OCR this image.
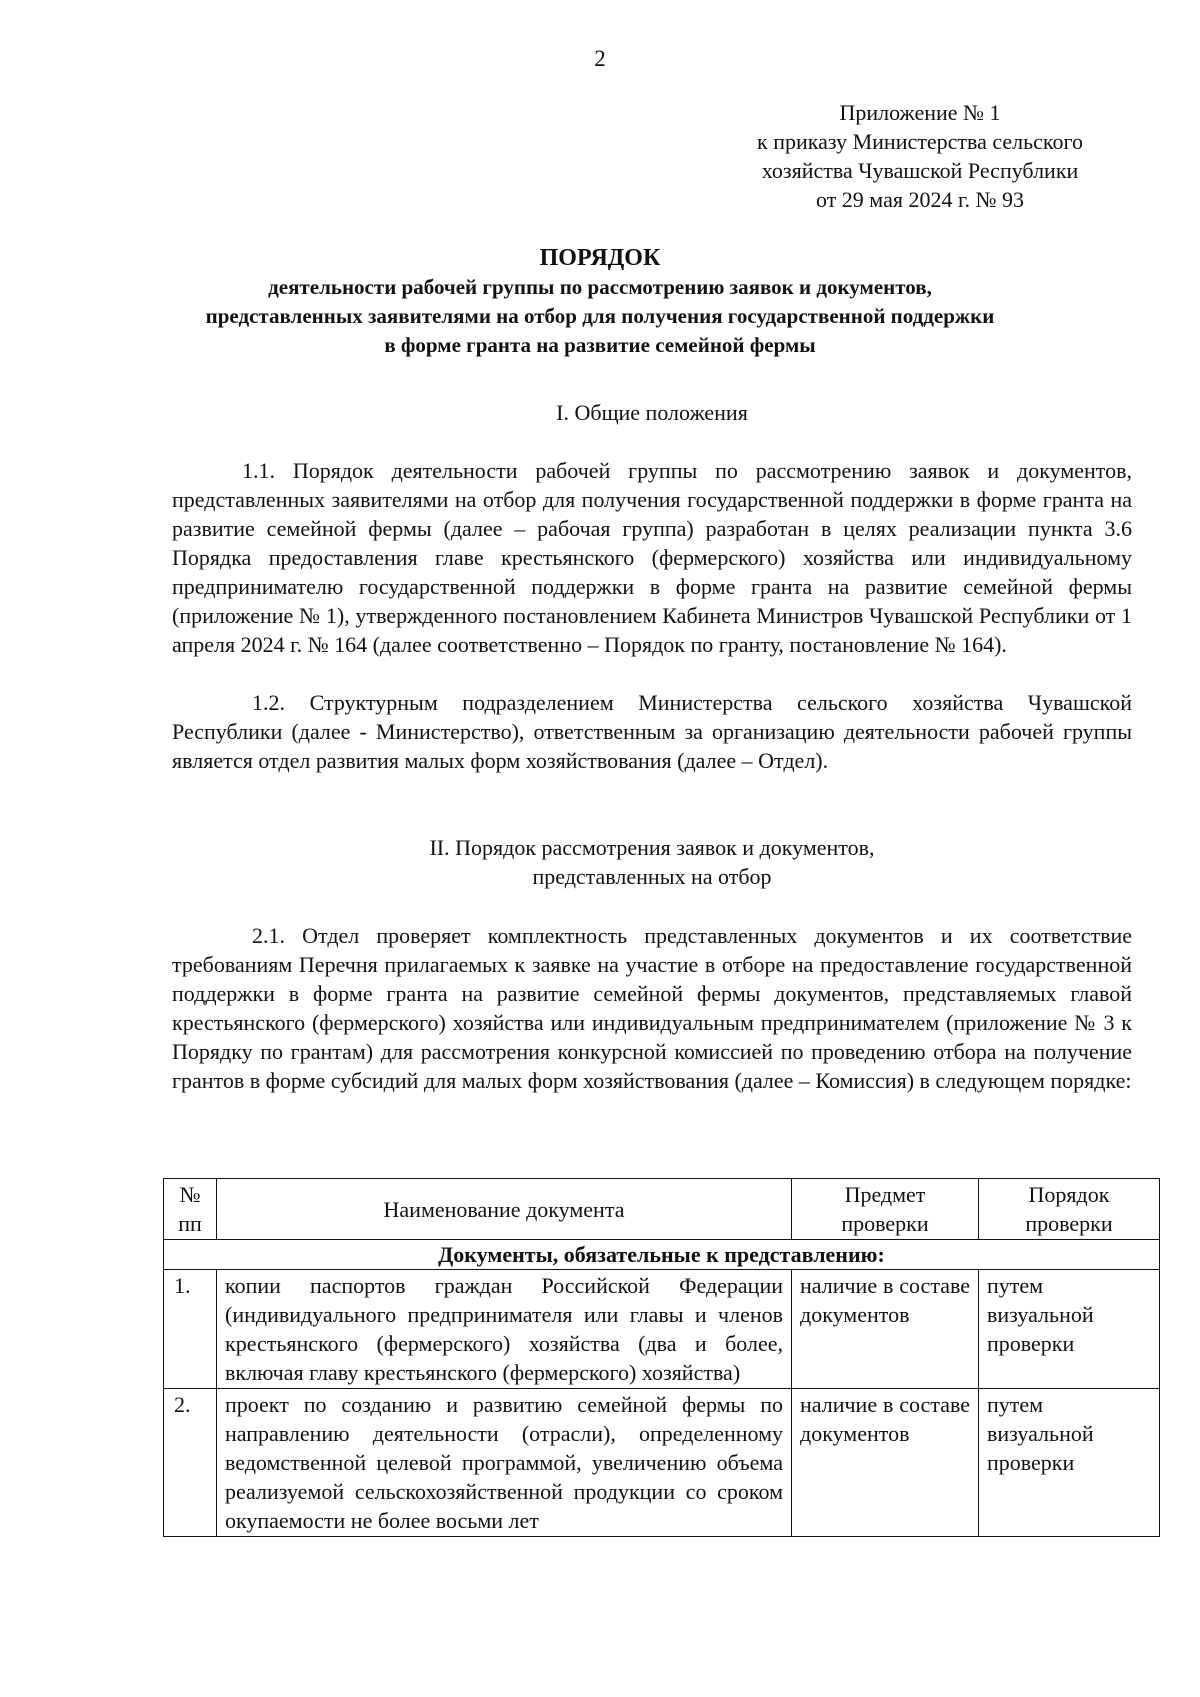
2
Приложение № 1
к приказу Министерства сельского
хозяйства Чувашской Республики
от 29 мая 2024 г. № 93
ПОРЯДОК
деятельности рабочей группы по рассмотрению заявок и документов,
представленных заявителями на отбор для получения государственной поддержки
в форме гранта на развитие семейной фермы
I. Общие положения

1.1. Порядок деятельности рабочей группы по рассмотрению заявок и документов, представленных заявителями на отбор для получения государственной поддержки в форме гранта на развитие семейной фермы (далее – рабочая группа) разработан в целях реализации пункта 3.6 Порядка предоставления главе крестьянского (фермерского) хозяйства или индивидуальному предпринимателю государственной поддержки в форме гранта на развитие семейной фермы (приложение № 1), утвержденного постановлением Кабинета Министров Чувашской Республики от 1 апреля 2024 г. № 164 (далее соответственно – Порядок по гранту, постановление № 164).

1.2. Структурным подразделением Министерства сельского хозяйства Чувашской Республики (далее - Министерство), ответственным за организацию деятельности рабочей группы является отдел развития малых форм хозяйствования (далее – Отдел).

II. Порядок рассмотрения заявок и документов,
представленных на отбор

2.1. Отдел проверяет комплектность представленных документов и их соответствие требованиям Перечня прилагаемых к заявке на участие в отборе на предоставление государственной поддержки в форме гранта на развитие семейной фермы документов, представляемых главой крестьянского (фермерского) хозяйства или индивидуальным предпринимателем (приложение № 3 к Порядку по грантам) для рассмотрения конкурсной комиссией по проведению отбора на получение грантов в форме субсидий для малых форм хозяйствования (далее – Комиссия) в следующем порядке:

№ пп	Наименование документа	Предмет проверки	Порядок проверки
Документы, обязательные к представлению:			
1.	копии паспортов граждан Российской Федерации (индивидуального предпринимателя или главы и членов крестьянского (фермерского) хозяйства (два и более, включая главу крестьянского (фермерского) хозяйства)	наличие в составе документов	путем визуальной проверки
2.	проект по созданию и развитию семейной фермы по направлению деятельности (отрасли), определенному ведомственной целевой программой, увеличению объема реализуемой сельскохозяйственной продукции со сроком окупаемости не более восьми лет	наличие в составе документов	путем визуальной проверки
